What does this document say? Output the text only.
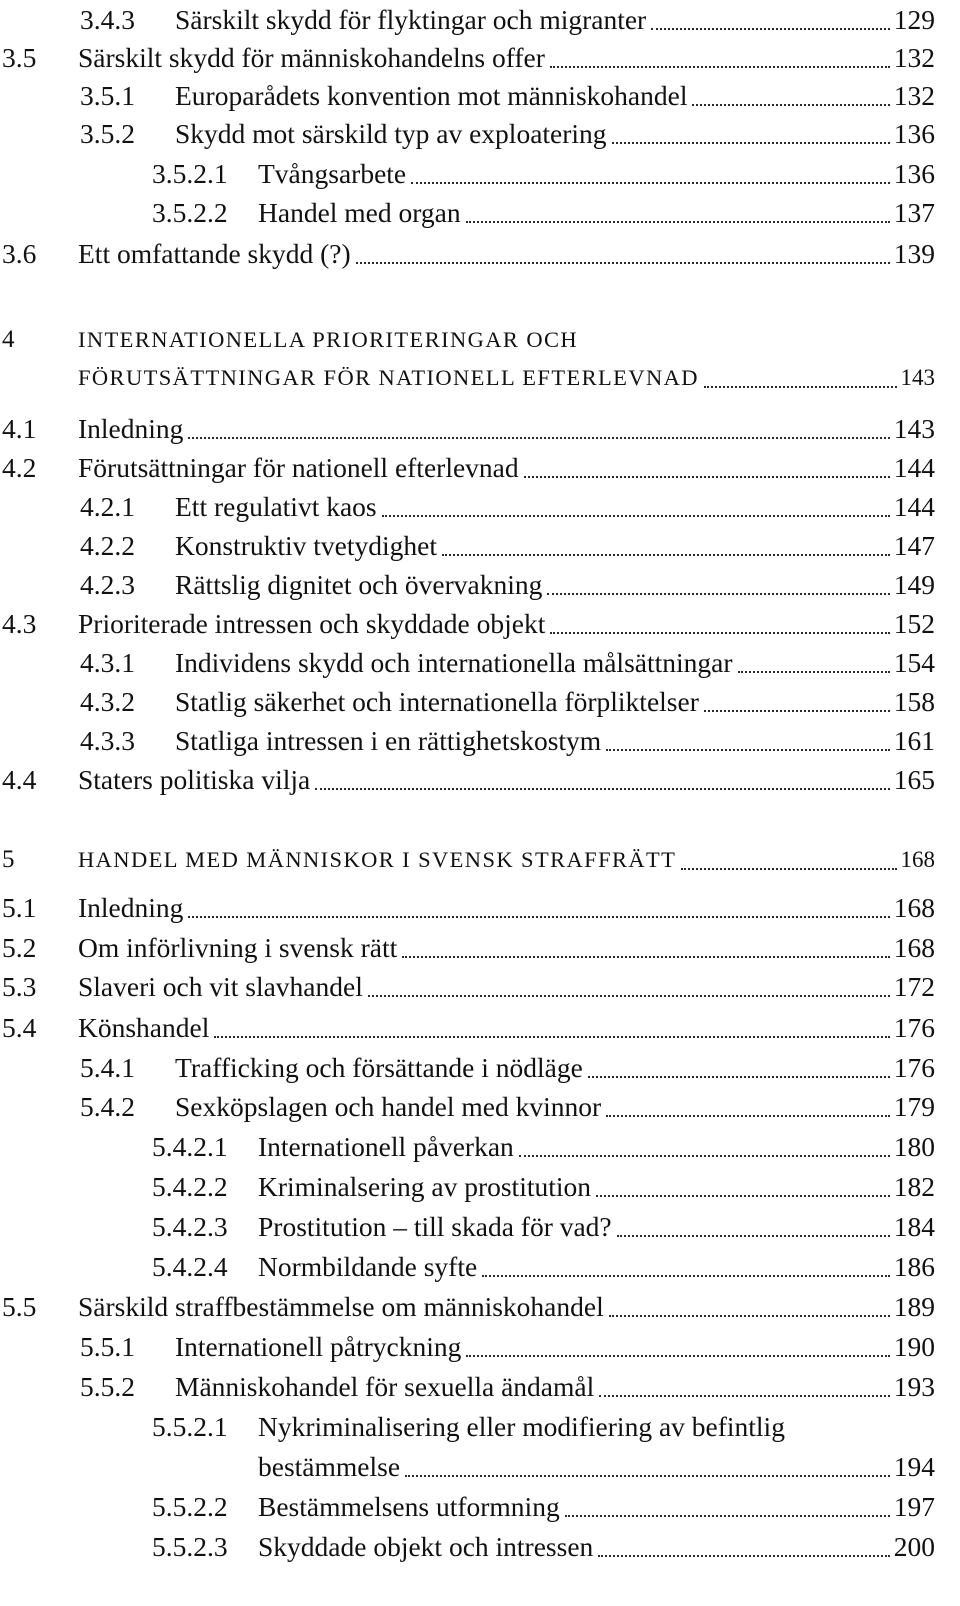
3.4.3 Särskilt skydd för flyktingar och migranter	129
3.5 Särskilt skydd för människohandelns offer	132
3.5.1 Europarådets konvention mot människohandel	132
3.5.2 Skydd mot särskild typ av exploatering	136
3.5.2.1 Tvångsarbete	136
3.5.2.2 Handel med organ	137
3.6 Ett omfattande skydd (?)	139
4	INTERNATIONELLA PRIORITERINGAR OCH
FÖRUTSÄTTNINGAR FÖR NATIONELL EFTERLEVNAD	143
4.1 Inledning	143
4.2 Förutsättningar för nationell efterlevnad	144
4.2.1 Ett regulativt kaos	144
4.2.2 Konstruktiv tvetydighet	147
4.2.3 Rättslig dignitet och övervakning	149
4.3 Prioriterade intressen och skyddade objekt	152
4.3.1 Individens skydd och internationella målsättningar	154
4.3.2 Statlig säkerhet och internationella förpliktelser	158
4.3.3 Statliga intressen i en rättighetskostym	161
4.4 Staters politiska vilja	165
5	HANDEL MED MÄNNISKOR I SVENSK STRAFFRÄTT	168
5.1 Inledning	168
5.2 Om införlivning i svensk rätt	168
5.3 Slaveri och vit slavhandel	172
5.4 Könshandel	176
5.4.1 Trafficking och försättande i nödläge	176
5.4.2 Sexköpslagen och handel med kvinnor	179
5.4.2.1 Internationell påverkan	180
5.4.2.2 Kriminalsering av prostitution	182
5.4.2.3 Prostitution – till skada för vad?	184
5.4.2.4 Normbildande syfte	186
5.5 Särskild straffbestämmelse om människohandel	189
5.5.1 Internationell påtryckning	190
5.5.2 Människohandel för sexuella ändamål	193
5.5.2.1 Nykriminalisering eller modifiering av befintlig
bestämmelse	194
5.5.2.2 Bestämmelsens utformning	197
5.5.2.3 Skyddade objekt och intressen	200
